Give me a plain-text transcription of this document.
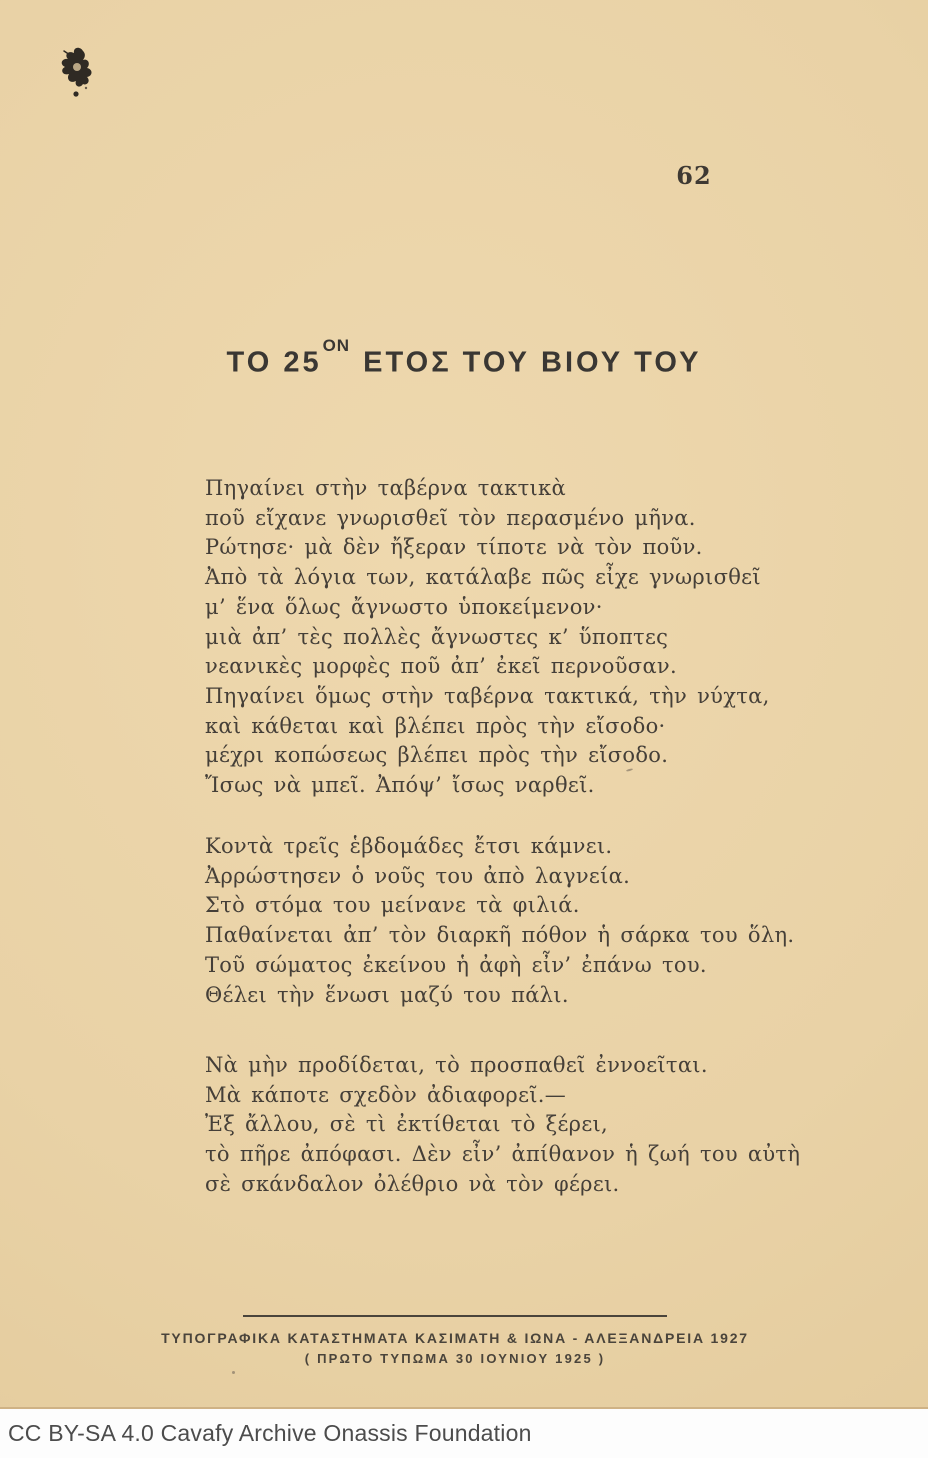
62
ΤΟ $25^{ON}$ ΕΤΟΣ ΤΟΥ ΒΙΟΥ ΤΟΥ
Πηγαίνει στὴν ταβέρνα τακτικὰ
ποῦ εἴχανε γνωρισθεῖ τὸν περασμένο μῆνα.
Ρώτησε· μὰ δὲν ἤξεραν τίποτε νὰ τὸν ποῦν.
Ἀπὸ τὰ λόγια των, κατάλαβε πῶς εἶχε γνωρισθεῖ
μ’ ἕνα ὅλως ἄγνωστο ὑποκείμενον·
μιὰ ἀπ’ τὲς πολλὲς ἄγνωστες κ’ ὕποπτες
νεανικὲς μορφὲς ποῦ ἀπ’ ἐκεῖ περνοῦσαν.
Πηγαίνει ὅμως στὴν ταβέρνα τακτικά, τὴν νύχτα,
καὶ κάθεται καὶ βλέπει πρὸς τὴν εἴσοδο·
μέχρι κοπώσεως βλέπει πρὸς τὴν εἴσοδο.
Ἴσως νὰ μπεῖ. Ἀπόψ’ ἴσως ναρθεῖ.
Κοντὰ τρεῖς ἑβδομάδες ἔτσι κάμνει.
Ἀρρώστησεν ὁ νοῦς του ἀπὸ λαγνεία.
Στὸ στόμα του μείνανε τὰ φιλιά.
Παθαίνεται ἀπ’ τὸν διαρκῆ πόθον ἡ σάρκα του ὅλη.
Τοῦ σώματος ἐκείνου ἡ ἀφὴ εἶν’ ἐπάνω του.
Θέλει τὴν ἕνωσι μαζύ του πάλι.
Νὰ μὴν προδίδεται, τὸ προσπαθεῖ ἐννοεῖται.
Μὰ κάποτε σχεδὸν ἀδιαφορεῖ.—
Ἐξ ἄλλου, σὲ τὶ ἐκτίθεται τὸ ξέρει,
τὸ πῆρε ἀπόφασι. Δὲν εἶν’ ἀπίθανον ἡ ζωή του αὐτὴ
σὲ σκάνδαλον ὀλέθριο νὰ τὸν φέρει.
ΤΥΠΟΓΡΑΦΙΚΑ ΚΑΤΑΣΤΗΜΑΤΑ ΚΑΣΙΜΑΤΗ & ΙΩΝΑ - ΑΛΕΞΑΝΔΡΕΙΑ 1927
( ΠΡΩΤΟ ΤΥΠΩΜΑ 30 ΙΟΥΝΙΟΥ 1925 )
CC BY-SA 4.0 Cavafy Archive Onassis Foundation
